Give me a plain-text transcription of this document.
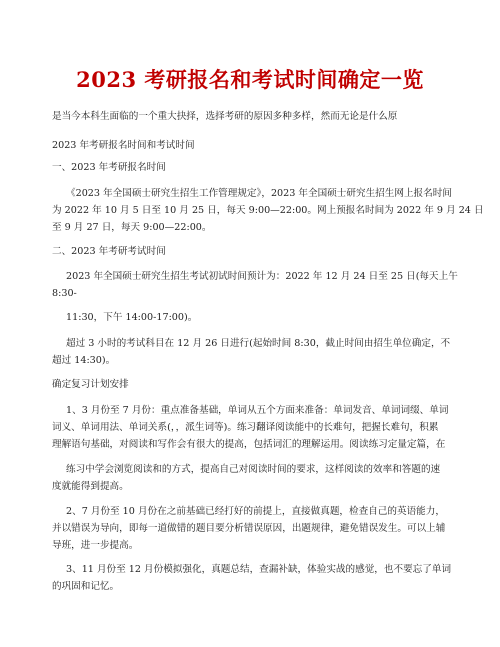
2023 考研报名和考试时间确定一览
是当今本科生面临的一个重大抉择，选择考研的原因多种多样，然而无论是什么原
2023 年考研报名时间和考试时间
一、2023 年考研报名时间
《2023 年全国硕士研究生招生工作管理规定》，2023 年全国硕士研究生招生网上报名时间
为 2022 年 10 月 5 日至 10 月 25 日，每天 9:00—22:00。网上预报名时间为 2022 年 9 月 24 日
至 9 月 27 日，每天 9:00—22:00。
二、2023 年考研考试时间
2023 年全国硕士研究生招生考试初试时间预计为：2022 年 12 月 24 日至 25 日(每天上午
8:30-
11:30，下午 14:00-17:00)。
超过 3 小时的考试科目在 12 月 26 日进行(起始时间 8:30，截止时间由招生单位确定，不
超过 14:30)。
确定复习计划安排
1、3 月份至 7 月份：重点准备基础，单词从五个方面来准备：单词发音、单词词缀、单词
词义、单词用法、单词关系(，，派生词等)。练习翻译阅读能中的长难句，把握长难句，积累
理解语句基础，对阅读和写作会有很大的提高，包括词汇的理解运用。阅读练习定量定篇，在
练习中学会浏览阅读和的方式，提高自己对阅读时间的要求，这样阅读的效率和答题的速
度就能得到提高。
2、7 月份至 10 月份在之前基础已经打好的前提上，直接做真题，检查自己的英语能力，
并以错误为导向，即每一道做错的题目要分析错误原因，出题规律，避免错误发生。可以上辅
导班，进一步提高。
3、11 月份至 12 月份模拟强化，真题总结，查漏补缺，体验实战的感觉，也不要忘了单词
的巩固和记忆。
